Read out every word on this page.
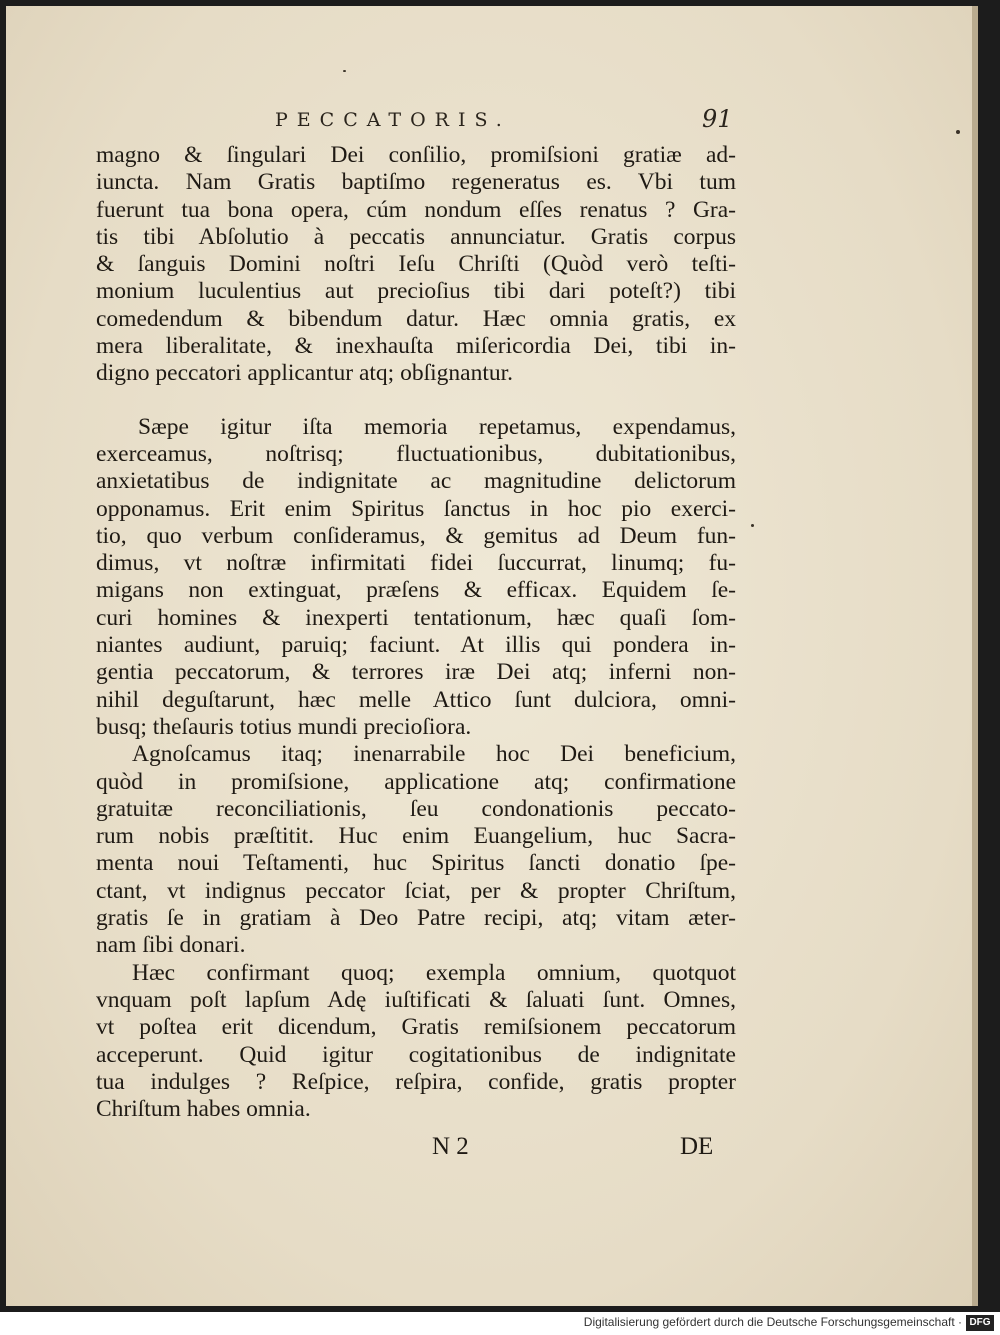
PECCATORIS.	91
magno & ſingulari Dei conſilio, promiſsioni gratiæ ad-
iuncta. Nam Gratis baptiſmo regeneratus es. Vbi tum
fuerunt tua bona opera, cúm nondum eſſes renatus ? Gra-
tis tibi Abſolutio à peccatis annunciatur. Gratis corpus
& ſanguis Domini noſtri Ieſu Chriſti (Quòd verò teſti-
monium luculentius aut precioſius tibi dari poteſt?) tibi
comedendum & bibendum datur. Hæc omnia gratis, ex
mera liberalitate, & inexhauſta miſericordia Dei, tibi in-
digno peccatori applicantur atq; obſignantur.
Sæpe igitur iſta memoria repetamus, expendamus,
exerceamus, noſtrisq; fluctuationibus, dubitationibus,
anxietatibus de indignitate ac magnitudine delictorum
opponamus. Erit enim Spiritus ſanctus in hoc pio exerci-
tio, quo verbum conſideramus, & gemitus ad Deum fun-
dimus, vt noſtræ infirmitati fidei ſuccurrat, linumq; fu-
migans non extinguat, præſens & efficax. Equidem ſe-
curi homines & inexperti tentationum, hæc quaſi ſom-
niantes audiunt, paruiq; faciunt. At illis qui pondera in-
gentia peccatorum, & terrores iræ Dei atq; inferni non-
nihil deguſtarunt, hæc melle Attico ſunt dulciora, omni-
busq; theſauris totius mundi precioſiora.
Agnoſcamus itaq; inenarrabile hoc Dei beneficium,
quòd in promiſsione, applicatione atq; confirmatione
gratuitæ reconciliationis, ſeu condonationis peccato-
rum nobis præſtitit. Huc enim Euangelium, huc Sacra-
menta noui Teſtamenti, huc Spiritus ſancti donatio ſpe-
ctant, vt indignus peccator ſciat, per & propter Chriſtum,
gratis ſe in gratiam à Deo Patre recipi, atq; vitam æter-
nam ſibi donari.
Hæc confirmant quoq; exempla omnium, quotquot
vnquam poſt lapſum Adę iuſtificati & ſaluati ſunt. Omnes,
vt poſtea erit dicendum, Gratis remiſsionem peccatorum
acceperunt. Quid igitur cogitationibus de indignitate
tua indulges ? Reſpice, reſpira, confide, gratis propter
Chriſtum habes omnia.
N 2	DE
Digitalisierung gefördert durch die Deutsche Forschungsgemeinschaft · DFG
